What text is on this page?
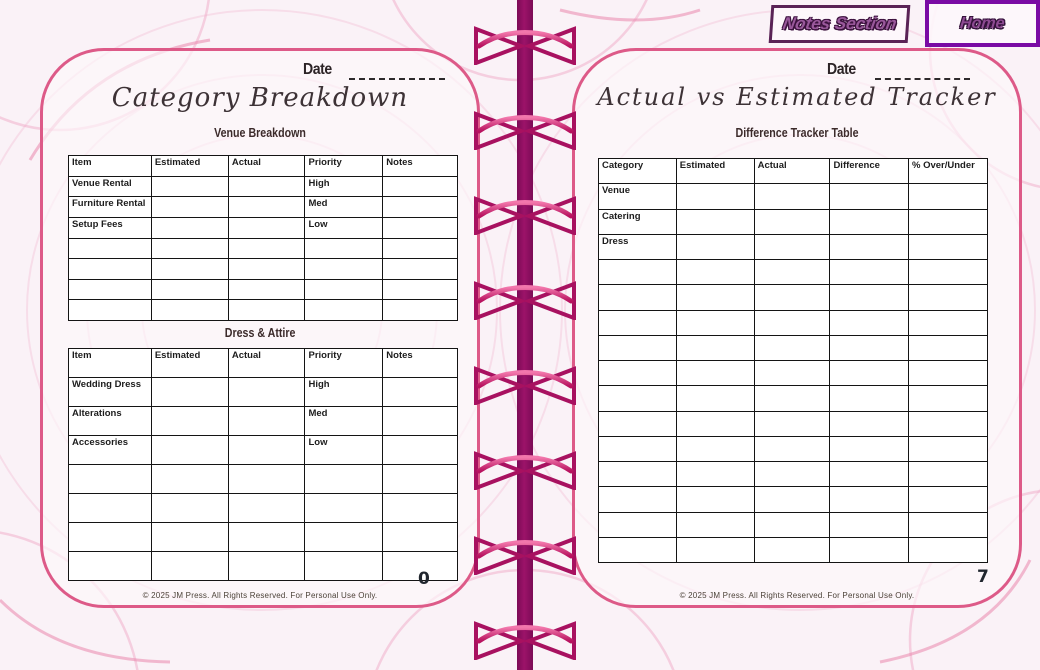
Date
Category Breakdown
Venue Breakdown
Item	Estimated	Actual	Priority	Notes
Venue Rental			High	
Furniture Rental			Med	
Setup Fees			Low	

Dress & Attire
Item	Estimated	Actual	Priority	Notes
Wedding Dress			High	
Alterations			Med	
Accessories			Low	

0
© 2025 JM Press. All Rights Reserved. For Personal Use Only.
Date
Actual vs Estimated Tracker
Difference Tracker Table
Category	Estimated	Actual	Difference	% Over/Under
Venue				
Catering				
Dress				

7
© 2025 JM Press. All Rights Reserved. For Personal Use Only.
Notes Section	Home
